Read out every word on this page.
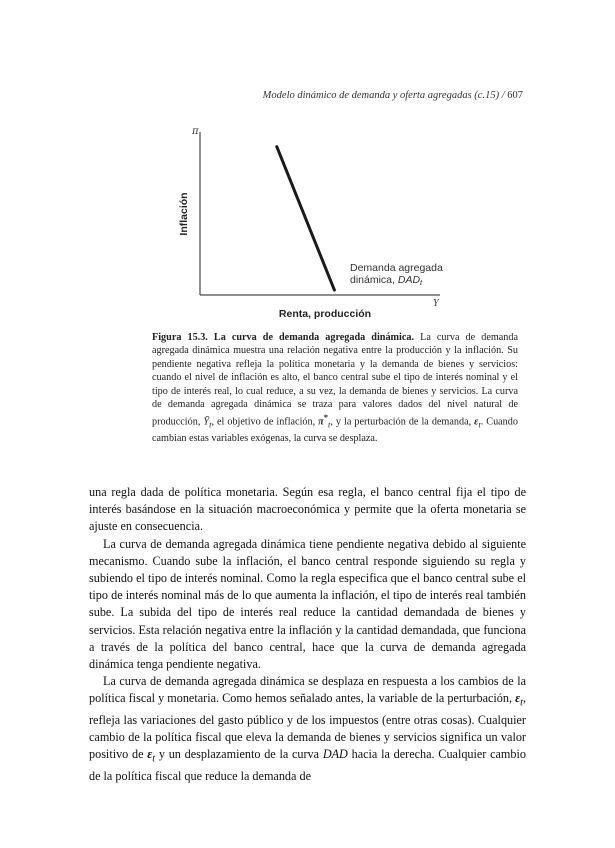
Modelo dinámico de demanda y oferta agregadas (c.15) / 607
π
Y
Inflación
Renta, producción
Demanda agregada
dinámica, DADt
Figura 15.3. La curva de demanda agregada dinámica. La curva de demanda agregada dinámica muestra una relación negativa entre la producción y la inflación. Su pendiente negativa refleja la política monetaria y la demanda de bienes y servicios: cuando el nivel de inflación es alto, el banco central sube el tipo de interés nominal y el tipo de interés real, lo cual reduce, a su vez, la demanda de bienes y servicios. La curva de demanda agregada dinámica se traza para valores dados del nivel natural de producción, $Ȳ_t$, el objetivo de inflación, $\pi^*_t$, y la perturbación de la demanda, $\varepsilon_t$. Cuando cambian estas variables exógenas, la curva se desplaza.

una regla dada de política monetaria. Según esa regla, el banco central fija el tipo de interés basándose en la situación macroeconómica y permite que la oferta monetaria se ajuste en consecuencia.

La curva de demanda agregada dinámica tiene pendiente negativa debido al siguiente mecanismo. Cuando sube la inflación, el banco central responde siguiendo su regla y subiendo el tipo de interés nominal. Como la regla especifica que el banco central sube el tipo de interés nominal más de lo que aumenta la inflación, el tipo de interés real también sube. La subida del tipo de interés real reduce la cantidad demandada de bienes y servicios. Esta relación negativa entre la inflación y la cantidad demandada, que funciona a través de la política del banco central, hace que la curva de demanda agregada dinámica tenga pendiente negativa.

La curva de demanda agregada dinámica se desplaza en respuesta a los cambios de la política fiscal y monetaria. Como hemos señalado antes, la variable de la perturbación, $\varepsilon_t$, refleja las variaciones del gasto público y de los impuestos (entre otras cosas). Cualquier cambio de la política fiscal que eleva la demanda de bienes y servicios significa un valor positivo de $\varepsilon_t$ y un desplazamiento de la curva DAD hacia la derecha. Cualquier cambio de la política fiscal que reduce la demanda de
